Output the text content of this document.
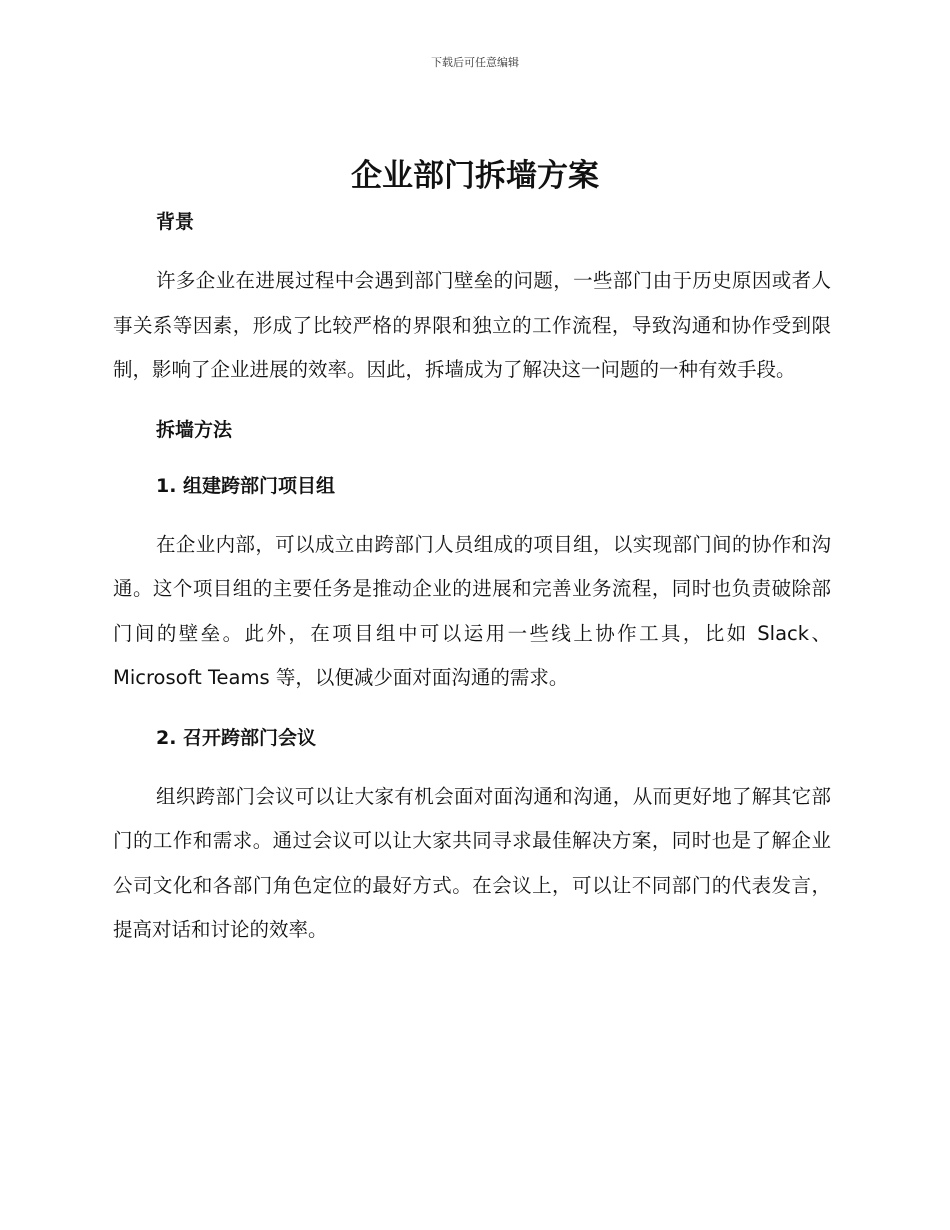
下载后可任意编辑
企业部门拆墙方案
背景

许多企业在进展过程中会遇到部门壁垒的问题，一些部门由于历史原因或者人事关系等因素，形成了比较严格的界限和独立的工作流程，导致沟通和协作受到限制，影响了企业进展的效率。因此，拆墙成为了解决这一问题的一种有效手段。

拆墙方法
1. 组建跨部门项目组

在企业内部，可以成立由跨部门人员组成的项目组，以实现部门间的协作和沟通。这个项目组的主要任务是推动企业的进展和完善业务流程，同时也负责破除部门间的壁垒。此外，在项目组中可以运用一些线上协作工具，比如 Slack、Microsoft Teams 等，以便减少面对面沟通的需求。

2. 召开跨部门会议

组织跨部门会议可以让大家有机会面对面沟通和沟通，从而更好地了解其它部门的工作和需求。通过会议可以让大家共同寻求最佳解决方案，同时也是了解企业公司文化和各部门角色定位的最好方式。在会议上，可以让不同部门的代表发言，提高对话和讨论的效率。
